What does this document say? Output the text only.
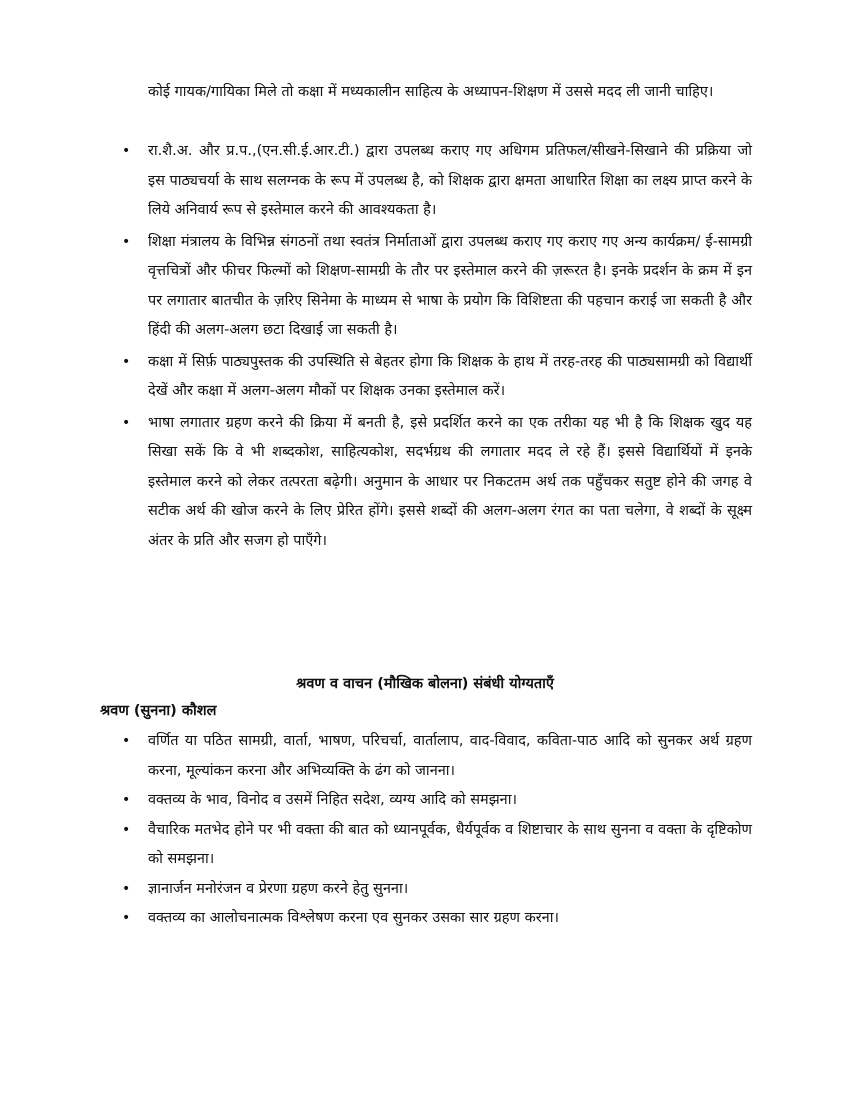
कोई गायक/गायिका मिले तो कक्षा में मध्यकालीन साहित्य के अध्यापन-शिक्षण में उससे मदद ली जानी चाहिए।

• रा.शै.अ. और प्र.प.,(एन.सी.ई.आर.टी.) द्वारा उपलब्ध कराए गए अधिगम प्रतिफल/सीखने-सिखाने की प्रक्रिया जो इस पाठ्यचर्या के साथ सलग्नक के रूप में उपलब्ध है, को शिक्षक द्वारा क्षमता आधारित शिक्षा का लक्ष्य प्राप्त करने के लिये अनिवार्य रूप से इस्तेमाल करने की आवश्यकता है।
• शिक्षा मंत्रालय के विभिन्न संगठनों तथा स्वतंत्र निर्माताओं द्वारा उपलब्ध कराए गए कराए गए अन्य कार्यक्रम/ ई-सामग्री वृत्तचित्रों और फीचर फिल्मों को शिक्षण-सामग्री के तौर पर इस्तेमाल करने की ज़रूरत है। इनके प्रदर्शन के क्रम में इन पर लगातार बातचीत के ज़रिए सिनेमा के माध्यम से भाषा के प्रयोग कि विशिष्टता की पहचान कराई जा सकती है और हिंदी की अलग-अलग छटा दिखाई जा सकती है।
• कक्षा में सिर्फ़ पाठ्यपुस्तक की उपस्थिति से बेहतर होगा कि शिक्षक के हाथ में तरह-तरह की पाठ्यसामग्री को विद्यार्थी देखें और कक्षा में अलग-अलग मौकों पर शिक्षक उनका इस्तेमाल करें।
• भाषा लगातार ग्रहण करने की क्रिया में बनती है, इसे प्रदर्शित करने का एक तरीका यह भी है कि शिक्षक खुद यह सिखा सकें कि वे भी शब्दकोश, साहित्यकोश, सदर्भग्रथ की लगातार मदद ले रहे हैं। इससे विद्यार्थियों में इनके इस्तेमाल करने को लेकर तत्परता बढ़ेगी। अनुमान के आधार पर निकटतम अर्थ तक पहुँचकर सतुष्ट होने की जगह वे सटीक अर्थ की खोज करने के लिए प्रेरित होंगे। इससे शब्दों की अलग-अलग रंगत का पता चलेगा, वे शब्दों के सूक्ष्म अंतर के प्रति और सजग हो पाएँगे।
श्रवण व वाचन (मौखिक बोलना) संबंधी योग्यताएँ
श्रवण (सुनना) कौशल
• वर्णित या पठित सामग्री, वार्ता, भाषण, परिचर्चा, वार्तालाप, वाद-विवाद, कविता-पाठ आदि को सुनकर अर्थ ग्रहण करना, मूल्यांकन करना और अभिव्यक्ति के ढंग को जानना।
• वक्तव्य के भाव, विनोद व उसमें निहित सदेश, व्यग्य आदि को समझना।
• वैचारिक मतभेद होने पर भी वक्ता की बात को ध्यानपूर्वक, धैर्यपूर्वक व शिष्टाचार के साथ सुनना व वक्ता के दृष्टिकोण को समझना।
• ज्ञानार्जन मनोरंजन व प्रेरणा ग्रहण करने हेतु सुनना।
• वक्तव्य का आलोचनात्मक विश्लेषण करना एव सुनकर उसका सार ग्रहण करना।
